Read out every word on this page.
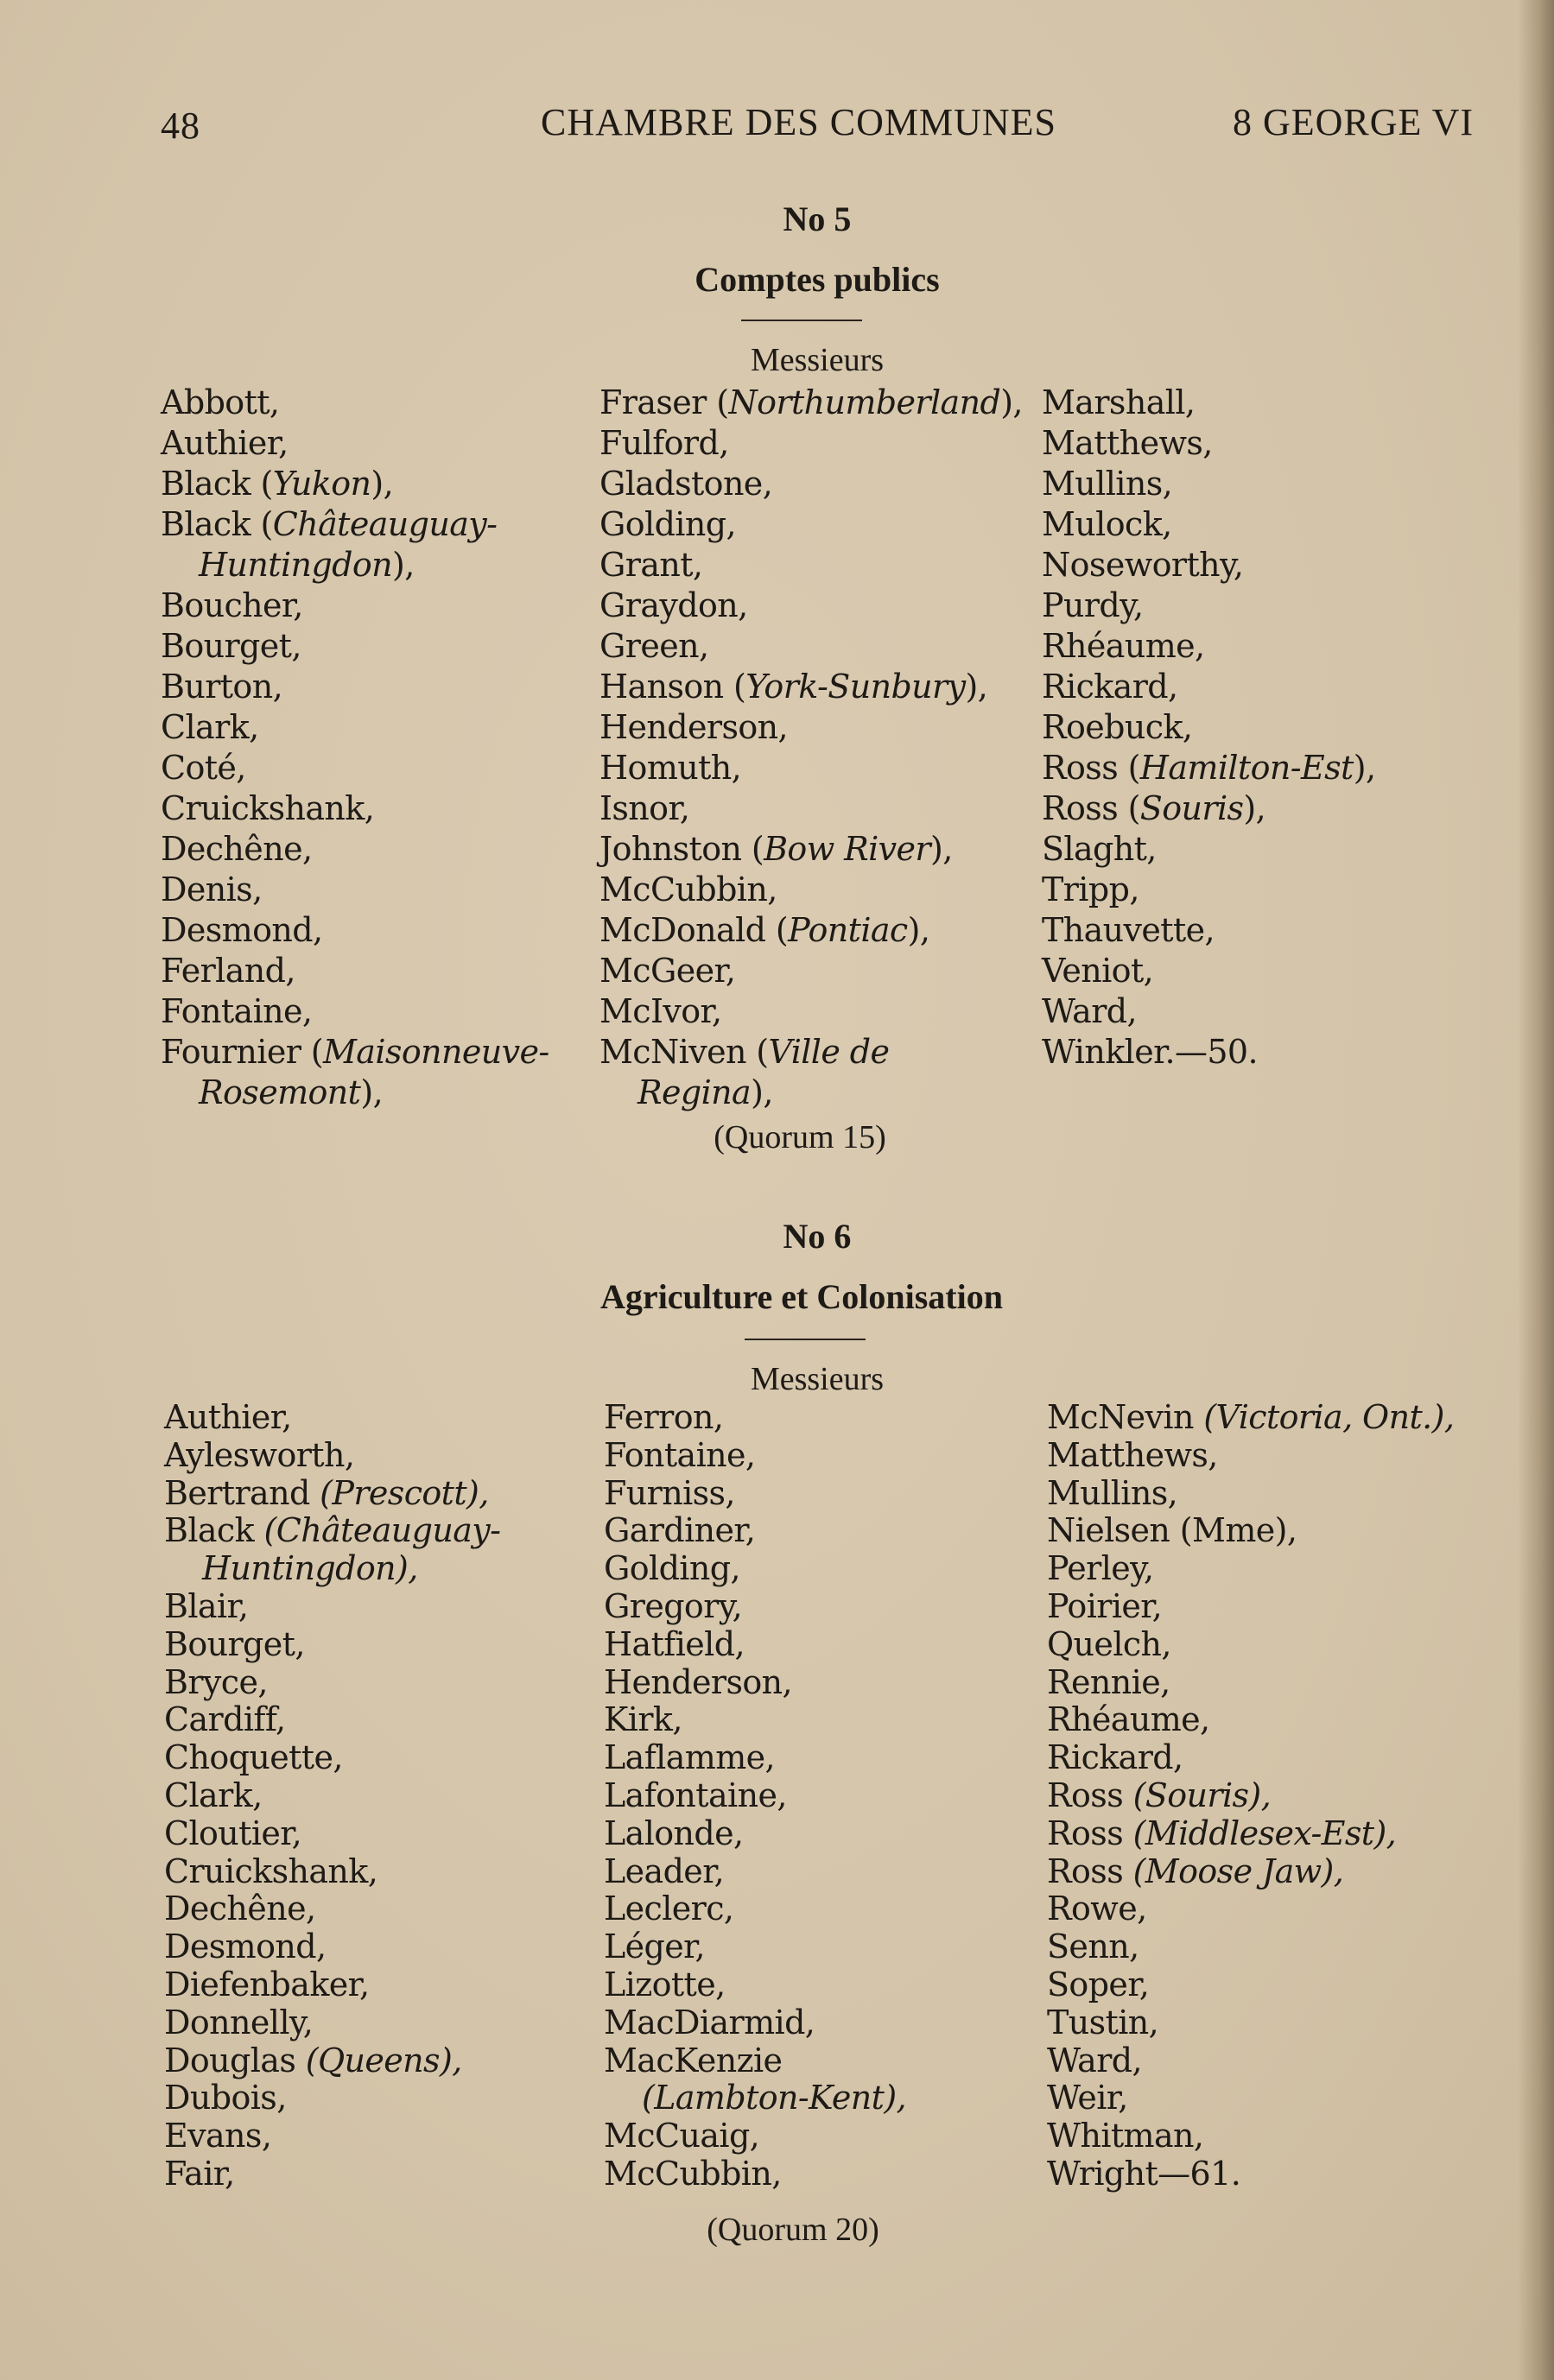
48	CHAMBRE DES COMMUNES	8 GEORGE VI
No 5
Comptes publics
Messieurs
Abbott,
Authier,
Black (Yukon),
Black (Châteauguay-
Huntingdon),
Boucher,
Bourget,
Burton,
Clark,
Coté,
Cruickshank,
Dechêne,
Denis,
Desmond,
Ferland,
Fontaine,
Fournier (Maisonneuve-
Rosemont),
Fraser (Northumberland),
Fulford,
Gladstone,
Golding,
Grant,
Graydon,
Green,
Hanson (York-Sunbury),
Henderson,
Homuth,
Isnor,
Johnston (Bow River),
McCubbin,
McDonald (Pontiac),
McGeer,
McIvor,
McNiven (Ville de
Regina),
Marshall,
Matthews,
Mullins,
Mulock,
Noseworthy,
Purdy,
Rhéaume,
Rickard,
Roebuck,
Ross (Hamilton-Est),
Ross (Souris),
Slaght,
Tripp,
Thauvette,
Veniot,
Ward,
Winkler.—50.
(Quorum 15)
No 6
Agriculture et Colonisation
Messieurs
Authier,
Aylesworth,
Bertrand (Prescott),
Black (Châteauguay-
Huntingdon),
Blair,
Bourget,
Bryce,
Cardiff,
Choquette,
Clark,
Cloutier,
Cruickshank,
Dechêne,
Desmond,
Diefenbaker,
Donnelly,
Douglas (Queens),
Dubois,
Evans,
Fair,
Ferron,
Fontaine,
Furniss,
Gardiner,
Golding,
Gregory,
Hatfield,
Henderson,
Kirk,
Laflamme,
Lafontaine,
Lalonde,
Leader,
Leclerc,
Léger,
Lizotte,
MacDiarmid,
MacKenzie
(Lambton-Kent),
McCuaig,
McCubbin,
McNevin (Victoria, Ont.),
Matthews,
Mullins,
Nielsen (Mme),
Perley,
Poirier,
Quelch,
Rennie,
Rhéaume,
Rickard,
Ross (Souris),
Ross (Middlesex-Est),
Ross (Moose Jaw),
Rowe,
Senn,
Soper,
Tustin,
Ward,
Weir,
Whitman,
Wright—61.
(Quorum 20)
